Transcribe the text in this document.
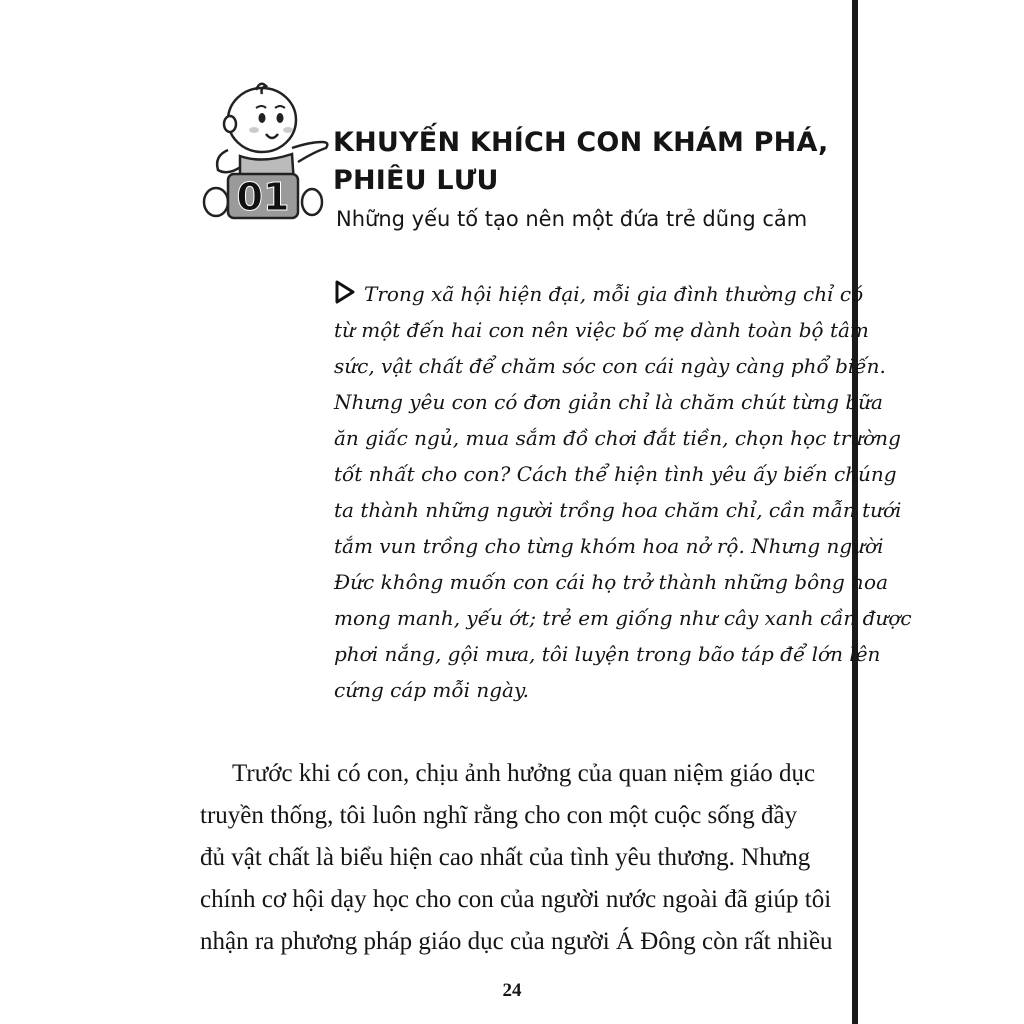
01
KHUYẾN KHÍCH CON KHÁM PHÁ,
PHIÊU LƯU
Những yếu tố tạo nên một đứa trẻ dũng cảm
Trong xã hội hiện đại, mỗi gia đình thường chỉ có
từ một đến hai con nên việc bố mẹ dành toàn bộ tâm
sức, vật chất để chăm sóc con cái ngày càng phổ biến.
Nhưng yêu con có đơn giản chỉ là chăm chút từng bữa
ăn giấc ngủ, mua sắm đồ chơi đắt tiền, chọn học trường
tốt nhất cho con? Cách thể hiện tình yêu ấy biến chúng
ta thành những người trồng hoa chăm chỉ, cần mẫn tưới
tắm vun trồng cho từng khóm hoa nở rộ. Nhưng người
Đức không muốn con cái họ trở thành những bông hoa
mong manh, yếu ớt; trẻ em giống như cây xanh cần được
phơi nắng, gội mưa, tôi luyện trong bão táp để lớn lên
cứng cáp mỗi ngày.
Trước khi có con, chịu ảnh hưởng của quan niệm giáo dục
truyền thống, tôi luôn nghĩ rằng cho con một cuộc sống đầy
đủ vật chất là biểu hiện cao nhất của tình yêu thương. Nhưng
chính cơ hội dạy học cho con của người nước ngoài đã giúp tôi
nhận ra phương pháp giáo dục của người Á Đông còn rất nhiều
24
